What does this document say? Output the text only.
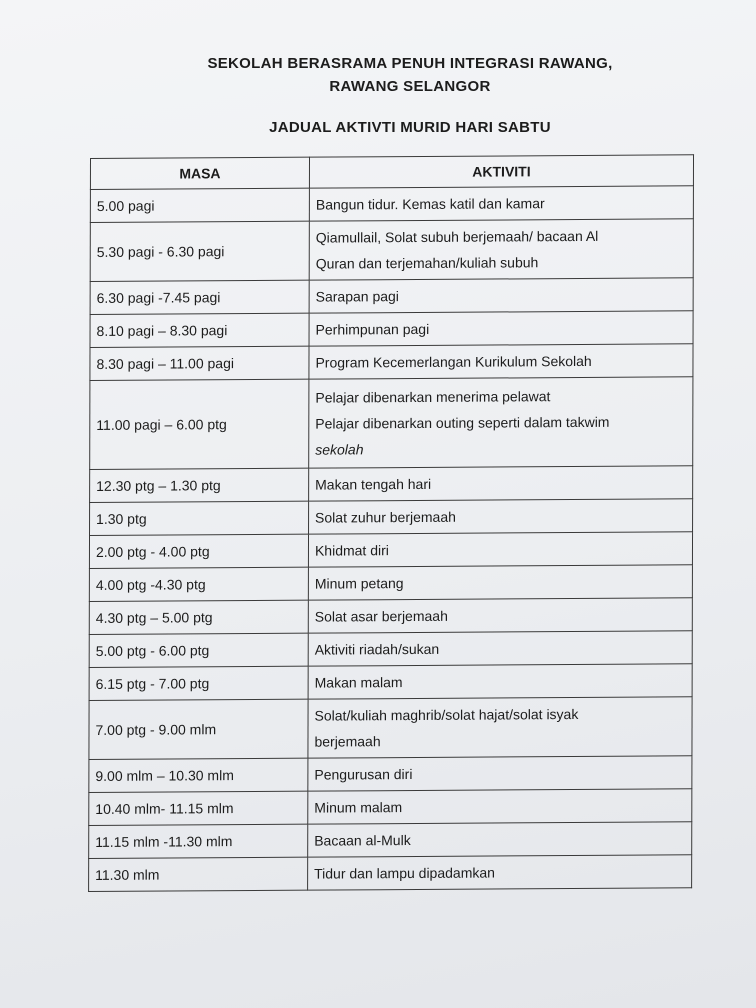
SEKOLAH BERASRAMA PENUH INTEGRASI RAWANG,
RAWANG SELANGOR
JADUAL AKTIVTI MURID HARI SABTU
MASA	AKTIVITI
5.00 pagi	Bangun tidur. Kemas katil dan kamar

5.30 pagi - 6.30 pagi	Qiamullail, Solat subuh berjemaah/ bacaan Al
Quran dan terjemahan/kuliah subuh

6.30 pagi -7.45 pagi	Sarapan pagi

8.10 pagi – 8.30 pagi	Perhimpunan pagi

8.30 pagi – 11.00 pagi	Program Kecemerlangan Kurikulum Sekolah

11.00 pagi – 6.00 ptg	Pelajar dibenarkan menerima pelawat
Pelajar dibenarkan outing seperti dalam takwim
sekolah

12.30 ptg – 1.30 ptg	Makan tengah hari

1.30 ptg	Solat zuhur berjemaah

2.00 ptg - 4.00 ptg	Khidmat diri

4.00 ptg -4.30 ptg	Minum petang

4.30 ptg – 5.00 ptg	Solat asar berjemaah

5.00 ptg - 6.00 ptg	Aktiviti riadah/sukan

6.15 ptg - 7.00 ptg	Makan malam

7.00 ptg - 9.00 mlm	Solat/kuliah maghrib/solat hajat/solat isyak
berjemaah

9.00 mlm – 10.30 mlm	Pengurusan diri

10.40 mlm- 11.15 mlm	Minum malam

11.15 mlm -11.30 mlm	Bacaan al-Mulk

11.30 mlm	Tidur dan lampu dipadamkan
